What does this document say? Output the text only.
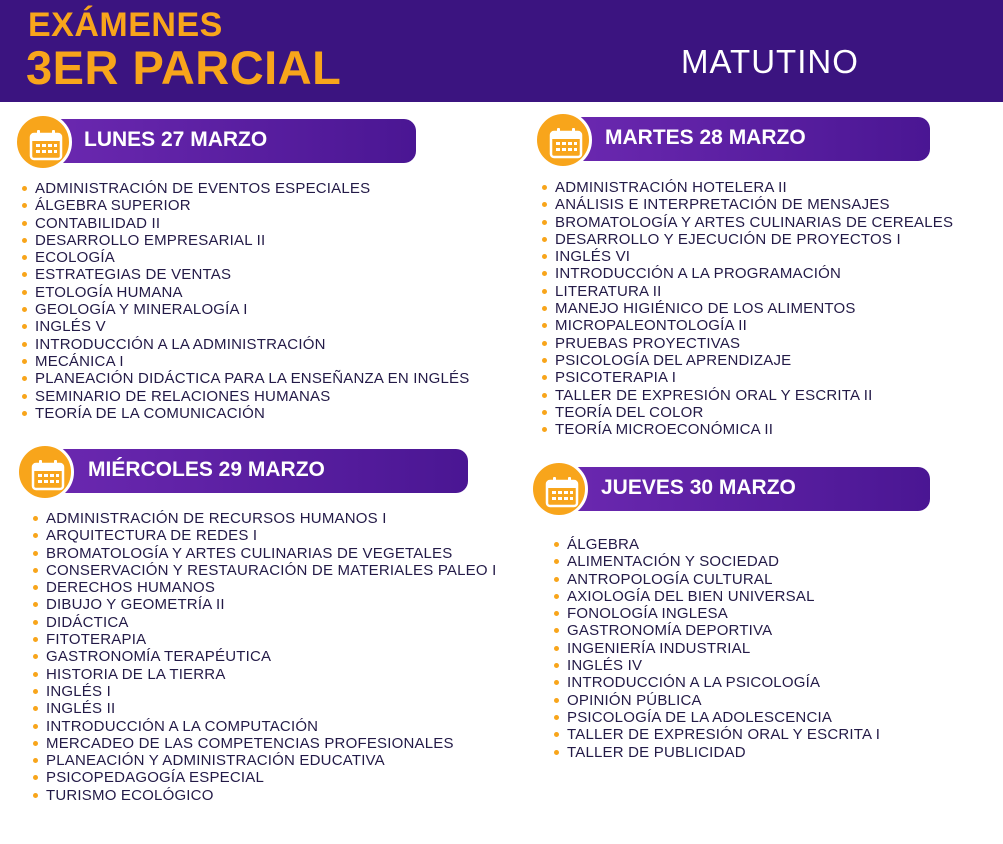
EXÁMENES
3ER PARCIAL	MATUTINO
LUNES 27 MARZO
ADMINISTRACIÓN DE EVENTOS ESPECIALES
ÁLGEBRA SUPERIOR
CONTABILIDAD II
DESARROLLO EMPRESARIAL II
ECOLOGÍA
ESTRATEGIAS DE VENTAS
ETOLOGÍA HUMANA
GEOLOGÍA Y MINERALOGÍA I
INGLÉS V
INTRODUCCIÓN A LA ADMINISTRACIÓN
MECÁNICA I
PLANEACIÓN DIDÁCTICA PARA LA ENSEÑANZA EN INGLÉS
SEMINARIO DE RELACIONES HUMANAS
TEORÍA DE LA COMUNICACIÓN
MARTES 28 MARZO
ADMINISTRACIÓN HOTELERA II
ANÁLISIS E INTERPRETACIÓN DE MENSAJES
BROMATOLOGÍA Y ARTES CULINARIAS DE CEREALES
DESARROLLO Y EJECUCIÓN DE PROYECTOS I
INGLÉS VI
INTRODUCCIÓN A LA PROGRAMACIÓN
LITERATURA II
MANEJO HIGIÉNICO DE LOS ALIMENTOS
MICROPALEONTOLOGÍA II
PRUEBAS PROYECTIVAS
PSICOLOGÍA DEL APRENDIZAJE
PSICOTERAPIA I
TALLER DE EXPRESIÓN ORAL Y ESCRITA II
TEORÍA DEL COLOR
TEORÍA MICROECONÓMICA II
MIÉRCOLES 29 MARZO
ADMINISTRACIÓN DE RECURSOS HUMANOS I
ARQUITECTURA DE REDES I
BROMATOLOGÍA Y ARTES CULINARIAS DE VEGETALES
CONSERVACIÓN Y RESTAURACIÓN DE MATERIALES PALEO I
DERECHOS HUMANOS
DIBUJO Y GEOMETRÍA II
DIDÁCTICA
FITOTERAPIA
GASTRONOMÍA TERAPÉUTICA
HISTORIA DE LA TIERRA
INGLÉS I
INGLÉS II
INTRODUCCIÓN A LA COMPUTACIÓN
MERCADEO DE LAS COMPETENCIAS PROFESIONALES
PLANEACIÓN Y ADMINISTRACIÓN EDUCATIVA
PSICOPEDAGOGÍA ESPECIAL
TURISMO ECOLÓGICO
JUEVES 30 MARZO
ÁLGEBRA
ALIMENTACIÓN Y SOCIEDAD
ANTROPOLOGÍA CULTURAL
AXIOLOGÍA DEL BIEN UNIVERSAL
FONOLOGÍA INGLESA
GASTRONOMÍA DEPORTIVA
INGENIERÍA INDUSTRIAL
INGLÉS IV
INTRODUCCIÓN A LA PSICOLOGÍA
OPINIÓN PÚBLICA
PSICOLOGÍA DE LA ADOLESCENCIA
TALLER DE EXPRESIÓN ORAL Y ESCRITA I
TALLER DE PUBLICIDAD
